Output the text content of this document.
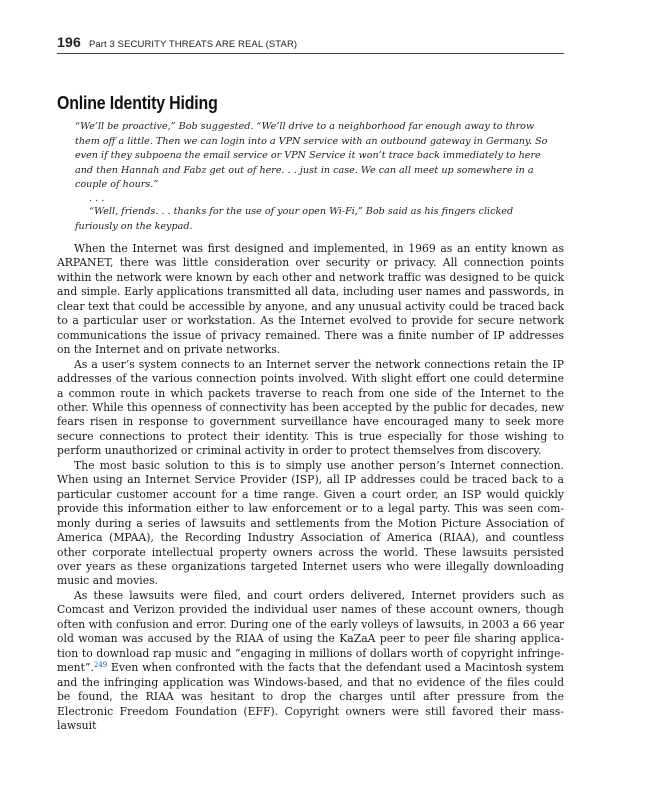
196 Part 3 SECURITY THREATS ARE REAL (STAR)
Online Identity Hiding

“We’ll be proactive,” Bob suggested. “We’ll drive to a neighborhood far enough away to throw them off a little. Then we can login into a VPN service with an outbound gateway in Germany. So even if they subpoena the email service or VPN Service it won’t trace back immediately to here and then Hannah and Fabz get out of here. . . just in case. We can all meet up somewhere in a couple of hours.”

. . .

“Well, friends. . . thanks for the use of your open Wi-Fi,” Bob said as his fingers clicked furiously on the keypad.

When the Internet was first designed and implemented, in 1969 as an entity known as ARPANET, there was little consideration over security or privacy. All connection points within the network were known by each other and network traffic was designed to be quick and simple. Early applications transmitted all data, including user names and passwords, in clear text that could be accessible by anyone, and any unusual activity could be traced back to a particular user or workstation. As the Internet evolved to provide for secure network communications the issue of privacy remained. There was a finite number of IP addresses on the Internet and on private networks.

As a user’s system connects to an Internet server the network connections retain the IP addresses of the various connection points involved. With slight effort one could determine a common route in which packets traverse to reach from one side of the Internet to the other. While this openness of connectivity has been accepted by the public for decades, new fears risen in response to government surveillance have encouraged many to seek more secure connections to protect their identity. This is true especially for those wishing to perform unauthorized or criminal activity in order to protect themselves from discovery.

The most basic solution to this is to simply use another person’s Internet connection. When using an Internet Service Provider (ISP), all IP addresses could be traced back to a particular customer account for a time range. Given a court order, an ISP would quickly provide this information either to law enforcement or to a legal party. This was seen commonly during a series of lawsuits and settlements from the Motion Picture Association of America (MPAA), the Recording Industry Association of America (RIAA), and countless other corporate intellectual property owners across the world. These lawsuits persisted over years as these organizations targeted Internet users who were illegally downloading music and movies.

As these lawsuits were filed, and court orders delivered, Internet providers such as Comcast and Verizon provided the individual user names of these account owners, though often with confusion and error. During one of the early volleys of lawsuits, in 2003 a 66 year old woman was accused by the RIAA of using the KaZaA peer to peer file sharing application to download rap music and “engaging in millions of dollars worth of copyright infringement”.$^{249}$ Even when confronted with the facts that the defendant used a Macintosh system and the infringing application was Windows-based, and that no evidence of the files could be found, the RIAA was hesitant to drop the charges until after pressure from the Electronic Freedom Foundation (EFF). Copyright owners were still favored their mass-lawsuit
